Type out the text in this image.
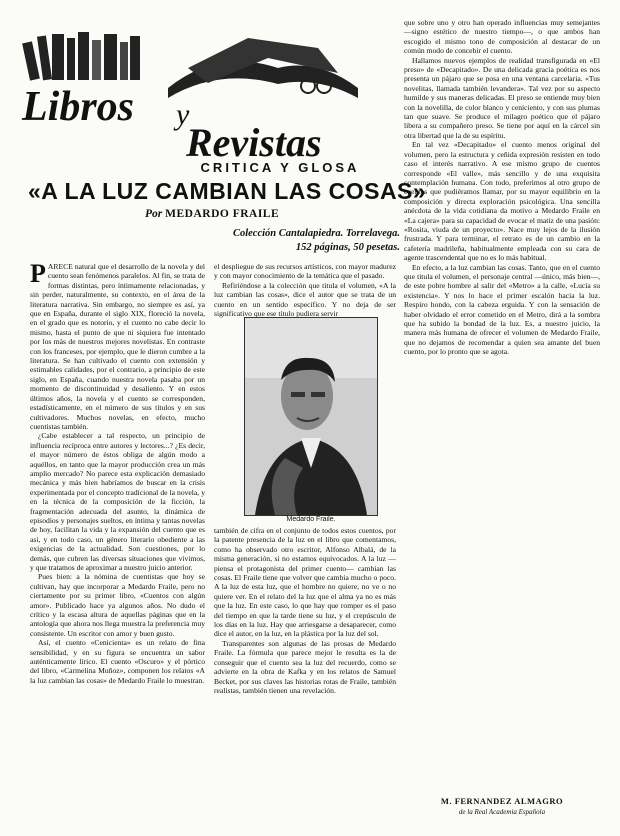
Libros y
Revistas
CRITICA Y GLOSA
«A LA LUZ CAMBIAN LAS COSAS»
Por MEDARDO FRAILE
Colección Cantalapiedra. Torrelavega.
152 páginas, 50 pesetas.

PARECE natural que el desarrollo de la novela y del cuento sean fenómenos paralelos. Al fin, se trata de formas distintas, pero íntimamente relacionadas, y sin perder, naturalmente, su contexto, en el área de la literatura narrativa. Sin embargo, no siempre es así, ya que en España, durante el siglo XIX, floreció la novela, en el grado que es notorio, y el cuento no cabe decir lo mismo, hasta el punto de que ni siquiera fue intentado por los más de nuestros mejores novelistas. En contraste con los franceses, por ejemplo, que le dieron cumbre a la literatura. Se han cultivado el cuento con extensión y estimables calidades, por el contrario, a principio de este siglo, en España, cuando nuestra novela pasaba por un momento de discontinuidad y desaliento. Y en estos últimos años, la novela y el cuento se corresponden, estadísticamente, en el número de sus títulos y en sus cultivadores. Muchos novelas, en efecto, mucho cuentistas también.

¿Cabe establecer a tal respecto, un principio de influencia recíproca entre autores y lectores...? ¿Es decir, el mayor número de éstos obliga de algún modo a aquéllos, en tanto que la mayor producción crea un más amplio mercado? No parece esta explicación demasiado mecánica y más bien habríamos de buscar en la crisis experimentada por el concepto tradicional de la novela, y en la técnica de la composición de la ficción, la fragmentación adecuada del asunto, la dinámica de episodios y personajes sueltos, en íntima y tantas novelas de hoy, facilitan la vida y la expansión del cuento que es así, y en todo caso, un género literario obediente a las exigencias de la actualidad. Son cuestiones, por lo demás, que cubren las diversas situaciones que vivimos, y que tratamos de aproximar a nuestro juicio anterior.

Pues bien: a la nómina de cuentistas que hoy se cultivan, hay que incorporar a Medardo Fraile, pero no ciertamente por su primer libro, «Cuentos con algún amor». Publicado hace ya algunos años. No dudo el crítico y la escasa altura de aquellas páginas que en la antología que ahora nos llega muestra la preferencia muy consistente. Un escritor con amor y buen gusto.

Así, el cuento «Cenicienta» es un relato de fina sensibilidad, y en su figura se encuentra un sabor auténticamente lírico. El cuento «Oscuro» y el pórtico del libro, «Carmelina Muñoz», componen los relatos «A la luz cambian las cosas» de Medardo Fraile lo muestran.

el despliegue de sus recursos artísticos, con mayor madurez y con mayor conocimiento de la temática que el pasado.

Refiriéndose a la colección que titula el volumen, «A la luz cambian las cosas», dice el autor que se trata de un cuento en un sentido específico. Y no deja de ser significativo que ese título pudiera servir

Medardo Fraile.

también de cifra en el conjunto de todos estos cuentos, por la patente presencia de la luz en el libro que comentamos, como ha observado otro escritor, Alfonso Albalá, de la misma generación, si no estamos equivocados. A la luz —piensa el protagonista del primer cuento— cambian las cosas. El Fraile tiene que volver que cambia mucho o poco. A la luz de esta luz, que el hombre no quiere, no ve o no quiere ver. En el relato del la luz que el alma ya no es más que la luz. En este caso, lo que hay que romper es el paso del tiempo en que la tarde tiene su luz, y el crepúsculo de los días en la luz. Hay que arriesgarse a desaparecer, como dice el autor, en la luz, en la plástica por la luz del sol.

Transparentes son algunas de las prosas de Medardo Fraile. La fórmula que parece mejor le resulta es la de conseguir que el cuento sea la luz del recuerdo, como se advierte en la obra de Kafka y en los relatos de Samuel Becket, por sus claves las historias rotas de Fraile, también realistas, también tienen una revelación.

que sobre uno y otro han operado influencias muy semejantes —signo estético de nuestro tiempo—, o que ambos han escogido el mismo tono de composición al destacar de un común modo de concebir el cuento.

Hallamos nuevos ejemplos de realidad transfigurada en «El preso» de «Decapitado». De una delicada gracia poética es nos presenta un pájaro que se posa en una ventana carcelaria. «Tus novelitas, llamada también levandera». Tal vez por su aspecto humilde y sus maneras delicadas. El preso se entiende muy bien con la novelilla, de color blanco y ceniciento, y con sus plumas tan que suave. Se produce el milagro poético que el pájaro libera a su compañero preso. Se tiene por aquí en la cárcel sin otra libertad que la de su espíritu.

En tal vez «Decapitado» el cuento menos original del volumen, pero la estructura y ceñida expresión resisten en todo caso el interés narrativo. A ese mismo grupo de cuentos corresponde «El valle», más sencillo y de una exquisita contemplación humana. Con todo, preferimos al otro grupo de cuentos que pudiéramos llamar, por su mayor equilibrio en la composición y directa exploración psicológica. Una sencilla anécdota de la vida cotidiana da motivo a Medardo Fraile en «La cajera» para su capacidad de evocar el matiz de una pasión: «Rosita, viuda de un proyecto». Nace muy lejos de la ilusión frustrada. Y para terminar, el retrato es de un cambio en la cafetería madrileña, habitualmente empleada con su cara de agente trascendental que no es lo más habitual.

En efecto, a la luz cambian las cosas. Tanto, que en el cuento que titula el volumen, el personaje central —único, más bien—, de este pobre hombre al salir del «Metro» a la calle, «Lucía su existencia». Y nos lo hace el primer escalón hacia la luz. Respiro hondo, con la cabeza erguida. Y con la sensación de haber olvidado el error cometido en el Metro, dirá a la sombra que ha subido la bondad de la luz. Es, a nuestro juicio, la manera más humana de ofrecer el volumen de Medardo Fraile, que no dejamos de recomendar a quien sea amante del buen cuento, por lo pronto que se agota.

M. FERNANDEZ ALMAGRO
de la Real Academia Española
